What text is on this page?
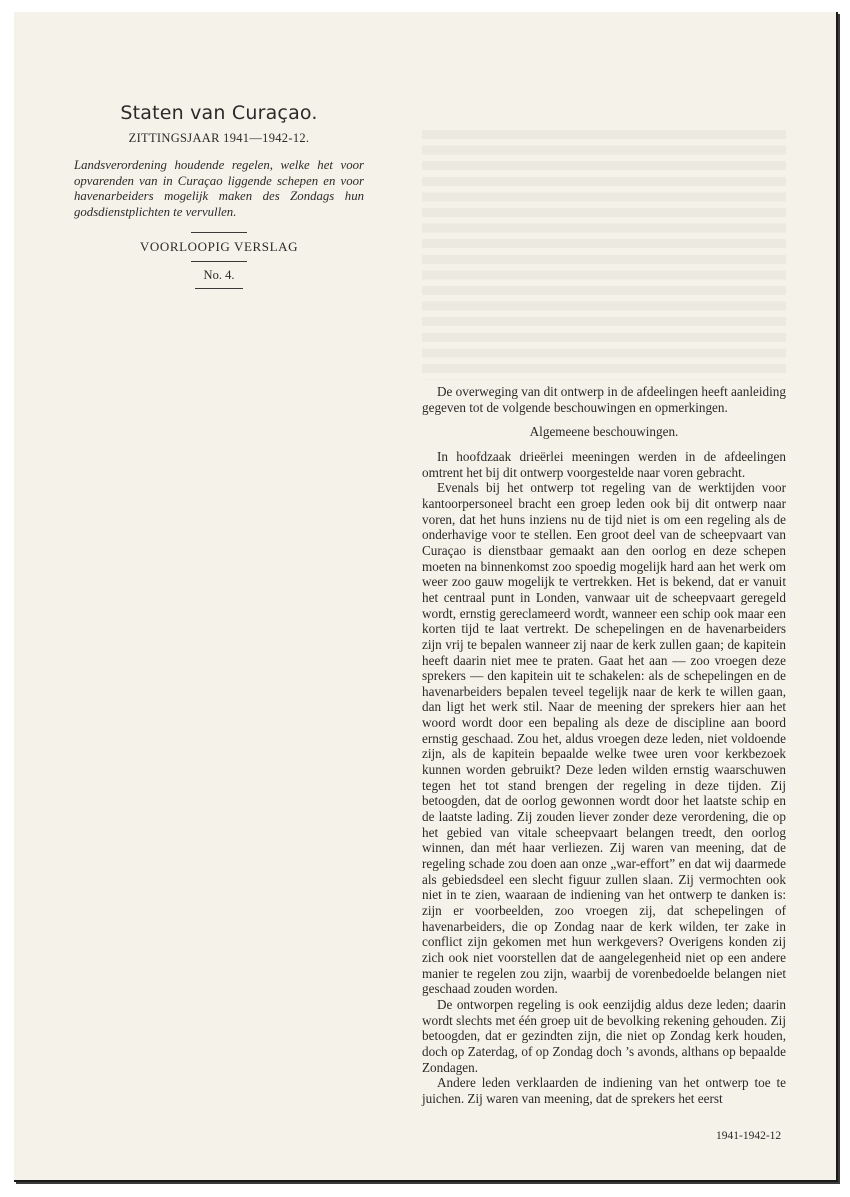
Staten van Curaçao.
ZITTINGSJAAR 1941—1942-12.
Landsverordening houdende regelen, welke het voor opvarenden van in Curaçao liggende schepen en voor havenarbeiders mogelijk maken des Zondags hun godsdienstplichten te vervullen.
VOORLOOPIG VERSLAG
No. 4.

De overweging van dit ontwerp in de afdeelingen heeft aanleiding gegeven tot de volgende beschouwingen en opmerkingen.

Algemeene beschouwingen.

In hoofdzaak drieërlei meeningen werden in de afdeelingen omtrent het bij dit ontwerp voorgestelde naar voren gebracht.

Evenals bij het ontwerp tot regeling van de werktijden voor kantoorpersoneel bracht een groep leden ook bij dit ontwerp naar voren, dat het huns inziens nu de tijd niet is om een regeling als de onderhavige voor te stellen. Een groot deel van de scheepvaart van Curaçao is dienstbaar gemaakt aan den oorlog en deze schepen moeten na binnenkomst zoo spoedig mogelijk hard aan het werk om weer zoo gauw mogelijk te vertrekken. Het is bekend, dat er vanuit het centraal punt in Londen, vanwaar uit de scheepvaart geregeld wordt, ernstig gereclameerd wordt, wanneer een schip ook maar een korten tijd te laat vertrekt. De schepelingen en de havenarbeiders zijn vrij te bepalen wanneer zij naar de kerk zullen gaan; de kapitein heeft daarin niet mee te praten. Gaat het aan — zoo vroegen deze sprekers — den kapitein uit te schakelen: als de schepelingen en de havenarbeiders bepalen teveel tegelijk naar de kerk te willen gaan, dan ligt het werk stil. Naar de meening der sprekers hier aan het woord wordt door een bepaling als deze de discipline aan boord ernstig geschaad. Zou het, aldus vroegen deze leden, niet voldoende zijn, als de kapitein bepaalde welke twee uren voor kerkbezoek kunnen worden gebruikt? Deze leden wilden ernstig waarschuwen tegen het tot stand brengen der regeling in deze tijden. Zij betoogden, dat de oorlog gewonnen wordt door het laatste schip en de laatste lading. Zij zouden liever zonder deze verordening, die op het gebied van vitale scheepvaart belangen treedt, den oorlog winnen, dan mét haar verliezen. Zij waren van meening, dat de regeling schade zou doen aan onze „war-effort” en dat wij daarmede als gebiedsdeel een slecht figuur zullen slaan. Zij vermochten ook niet in te zien, waaraan de indiening van het ontwerp te danken is: zijn er voorbeelden, zoo vroegen zij, dat schepelingen of havenarbeiders, die op Zondag naar de kerk wilden, ter zake in conflict zijn gekomen met hun werkgevers? Overigens konden zij zich ook niet voorstellen dat de aangelegenheid niet op een andere manier te regelen zou zijn, waarbij de vorenbedoelde belangen niet geschaad zouden worden.

De ontworpen regeling is ook eenzijdig aldus deze leden; daarin wordt slechts met één groep uit de bevolking rekening gehouden. Zij betoogden, dat er gezindten zijn, die niet op Zondag kerk houden, doch op Zaterdag, of op Zondag doch ’s avonds, althans op bepaalde Zondagen.

Andere leden verklaarden de indiening van het ontwerp toe te juichen. Zij waren van meening, dat de sprekers het eerst

1941-1942-12
